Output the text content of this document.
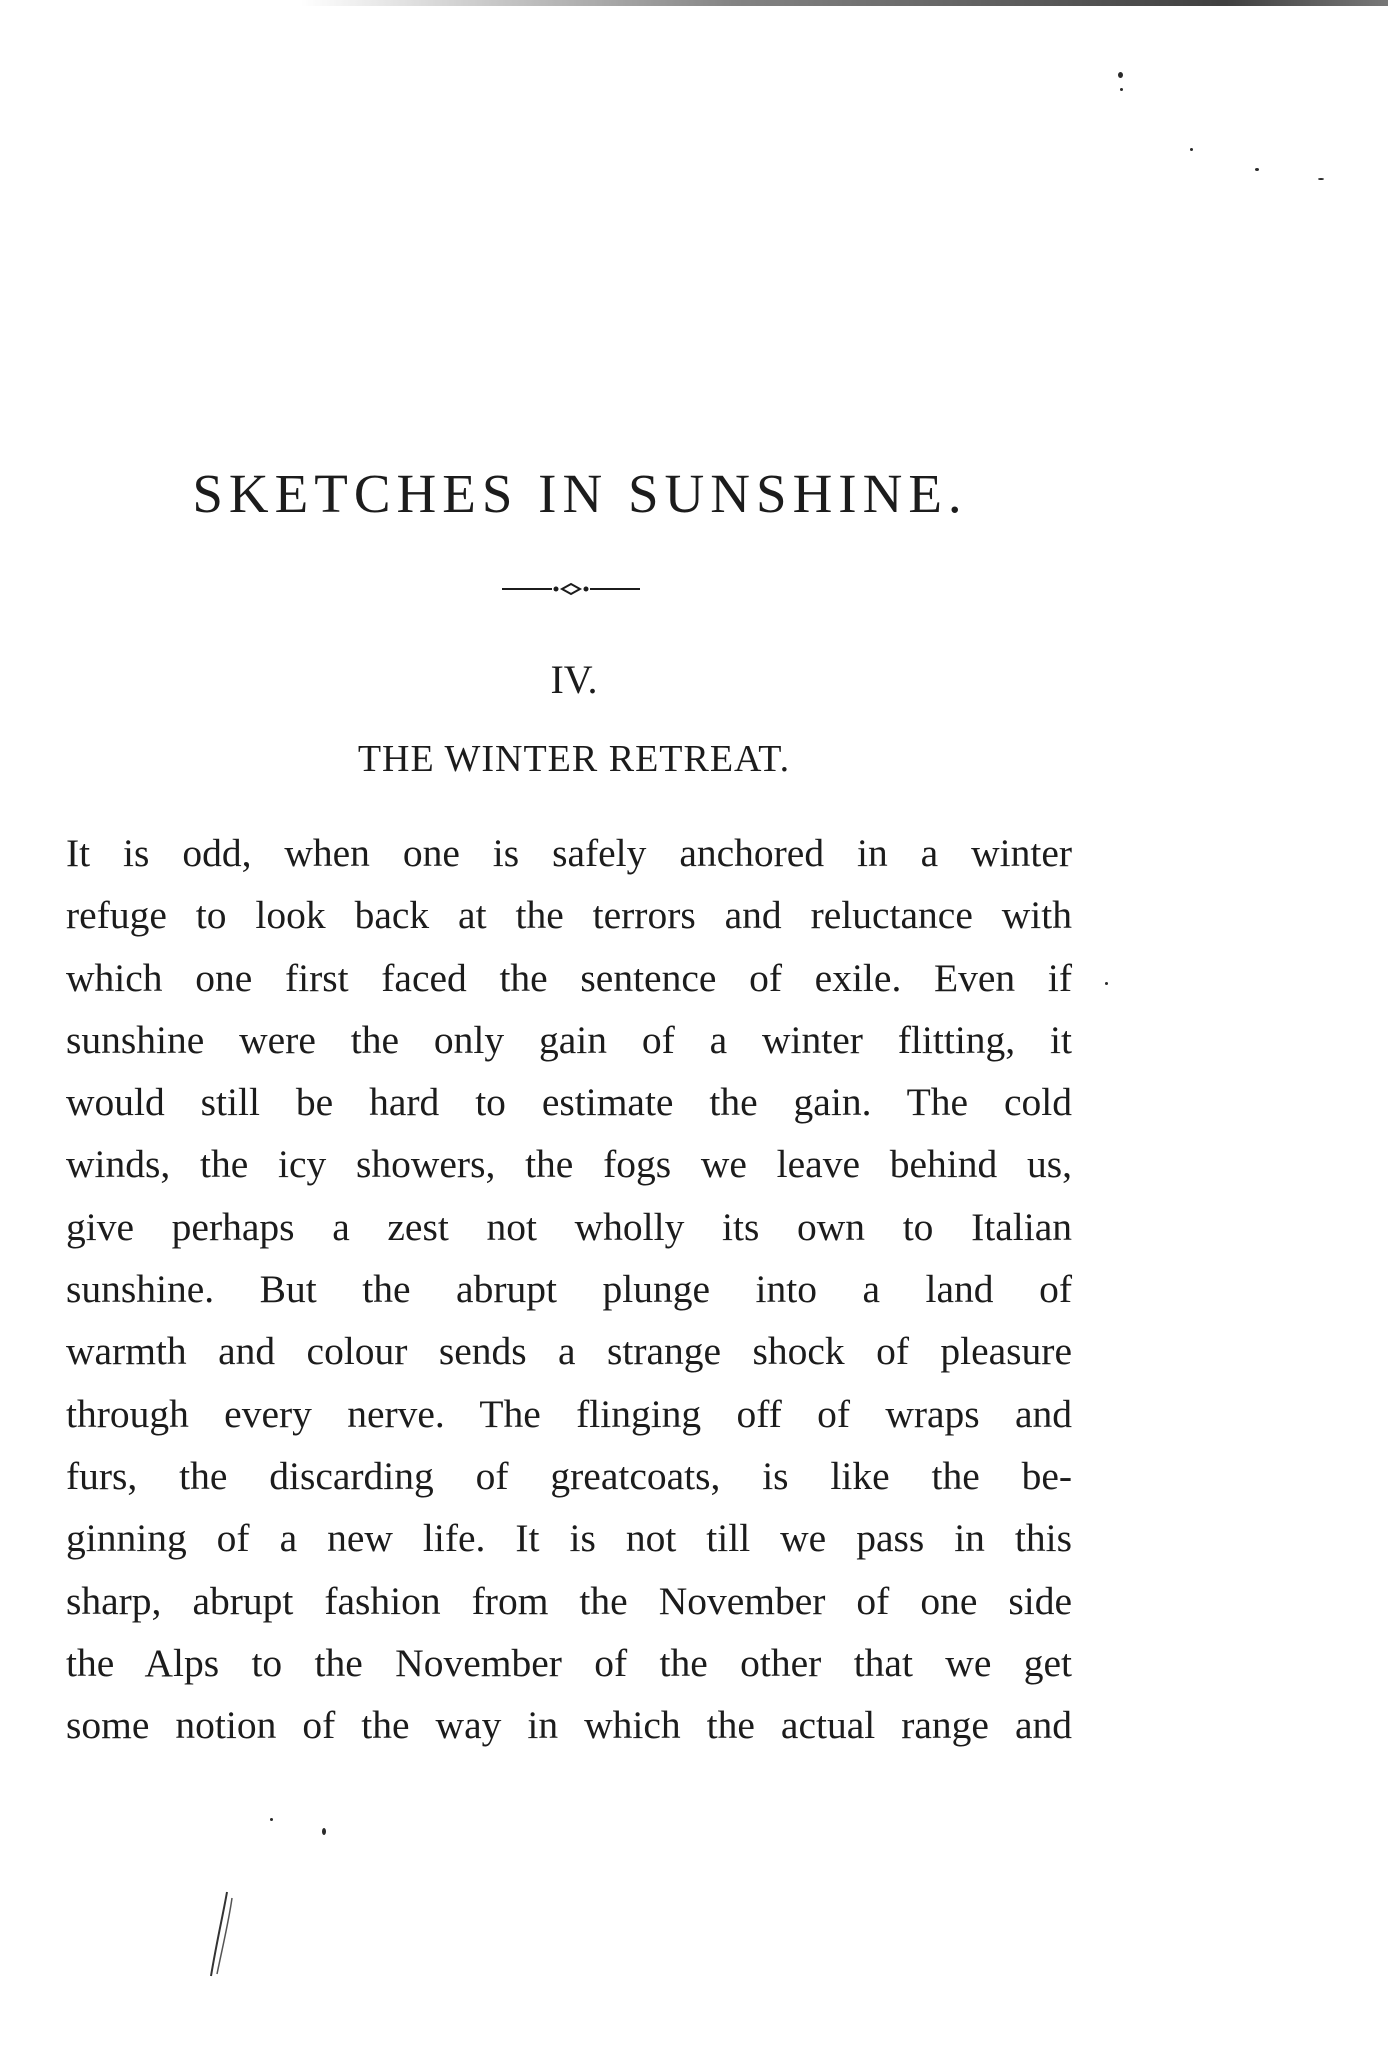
SKETCHES IN SUNSHINE.
IV.
THE WINTER RETREAT.
It is odd, when one is safely anchored in a winter
refuge to look back at the terrors and reluctance with
which one first faced the sentence of exile. Even if
sunshine were the only gain of a winter flitting, it
would still be hard to estimate the gain. The cold
winds, the icy showers, the fogs we leave behind us,
give perhaps a zest not wholly its own to Italian
sunshine. But the abrupt plunge into a land of
warmth and colour sends a strange shock of pleasure
through every nerve. The flinging off of wraps and
furs, the discarding of greatcoats, is like the be-
ginning of a new life. It is not till we pass in this
sharp, abrupt fashion from the November of one side
the Alps to the November of the other that we get
some notion of the way in which the actual range and
